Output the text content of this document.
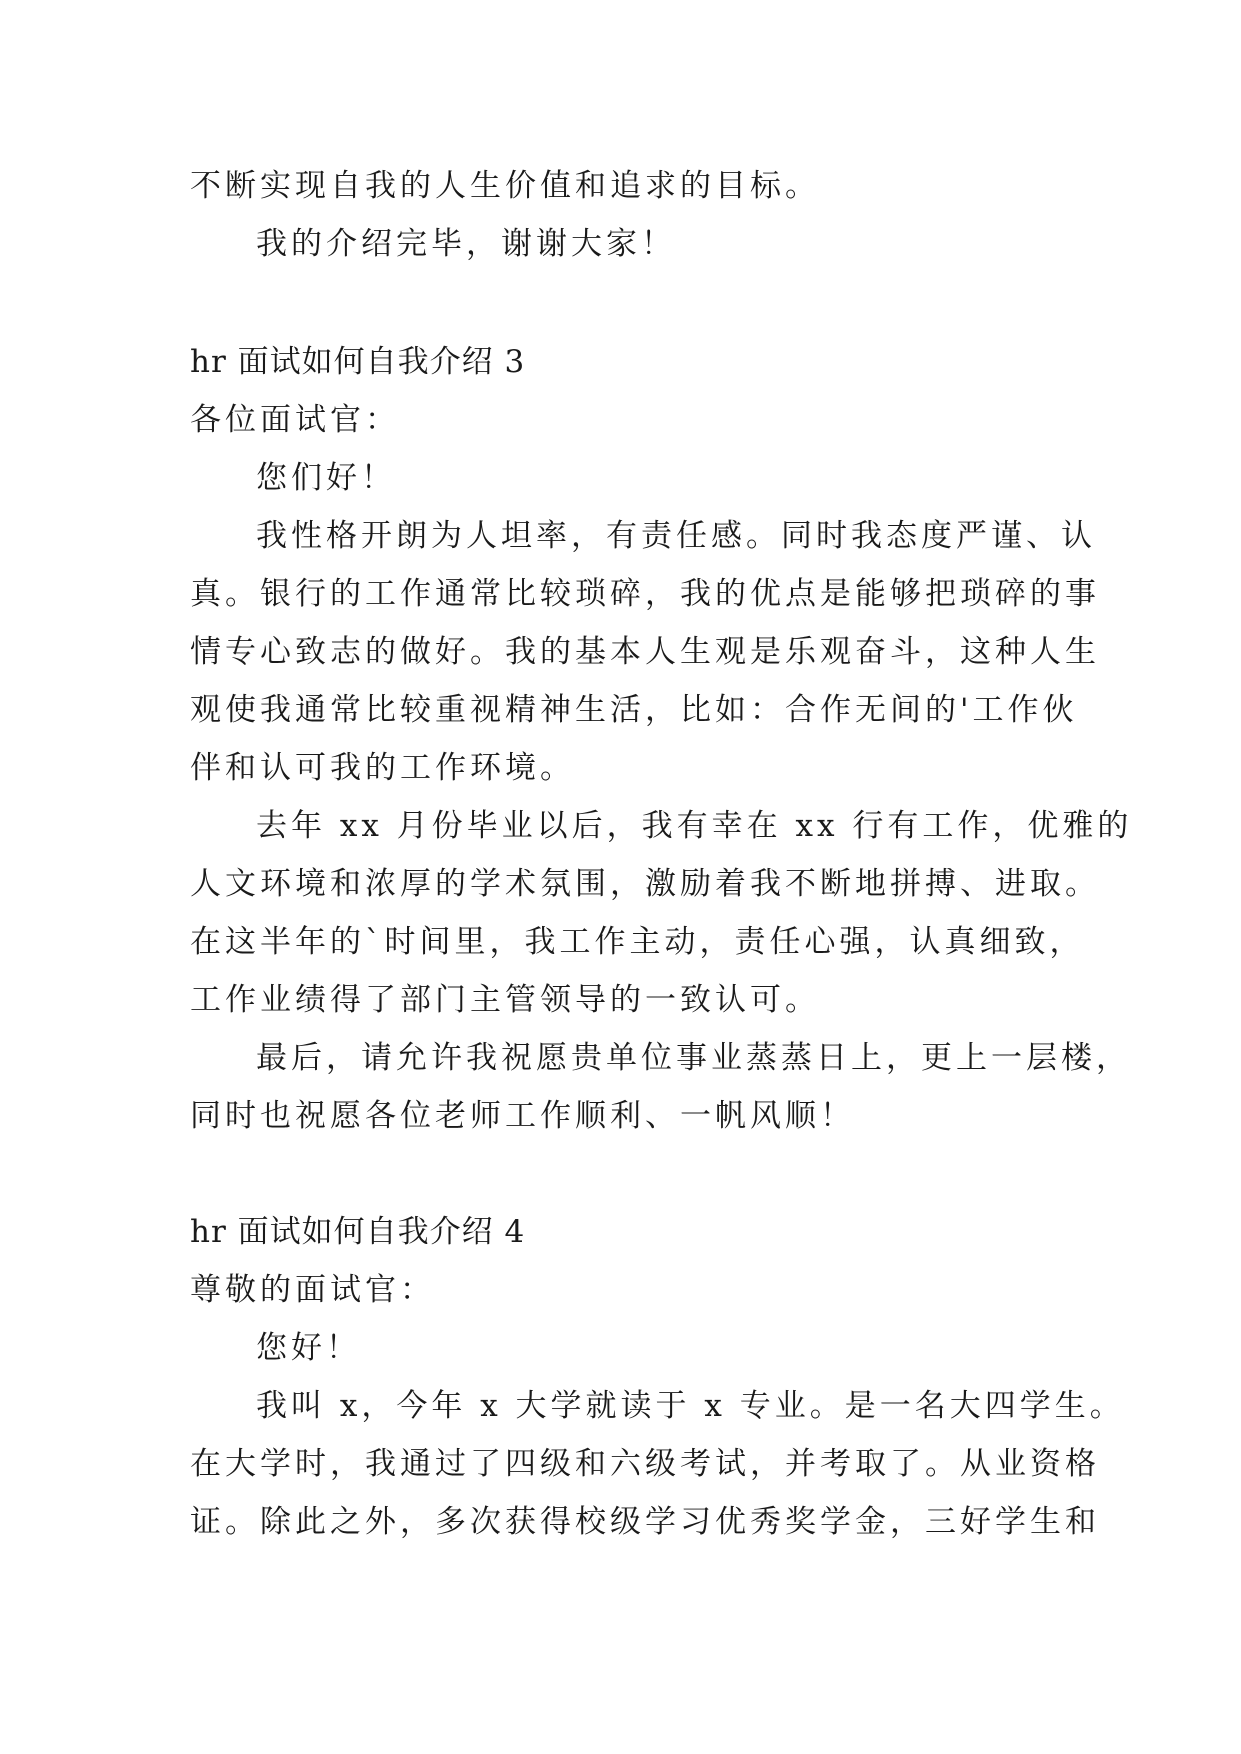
不断实现自我的人生价值和追求的目标。
我的介绍完毕，谢谢大家！
hr 面试如何自我介绍 3
各位面试官：
您们好！
我性格开朗为人坦率，有责任感。同时我态度严谨、认
真。银行的工作通常比较琐碎，我的优点是能够把琐碎的事
情专心致志的做好。我的基本人生观是乐观奋斗，这种人生
观使我通常比较重视精神生活，比如：合作无间的'工作伙
伴和认可我的工作环境。
去年 xx 月份毕业以后，我有幸在 xx 行有工作，优雅的
人文环境和浓厚的学术氛围，激励着我不断地拼搏、进取。
在这半年的`时间里，我工作主动，责任心强，认真细致，
工作业绩得了部门主管领导的一致认可。
最后，请允许我祝愿贵单位事业蒸蒸日上，更上一层楼，
同时也祝愿各位老师工作顺利、一帆风顺！
hr 面试如何自我介绍 4
尊敬的面试官：
您好！
我叫 x，今年 x 大学就读于 x 专业。是一名大四学生。
在大学时，我通过了四级和六级考试，并考取了。从业资格
证。除此之外，多次获得校级学习优秀奖学金，三好学生和
